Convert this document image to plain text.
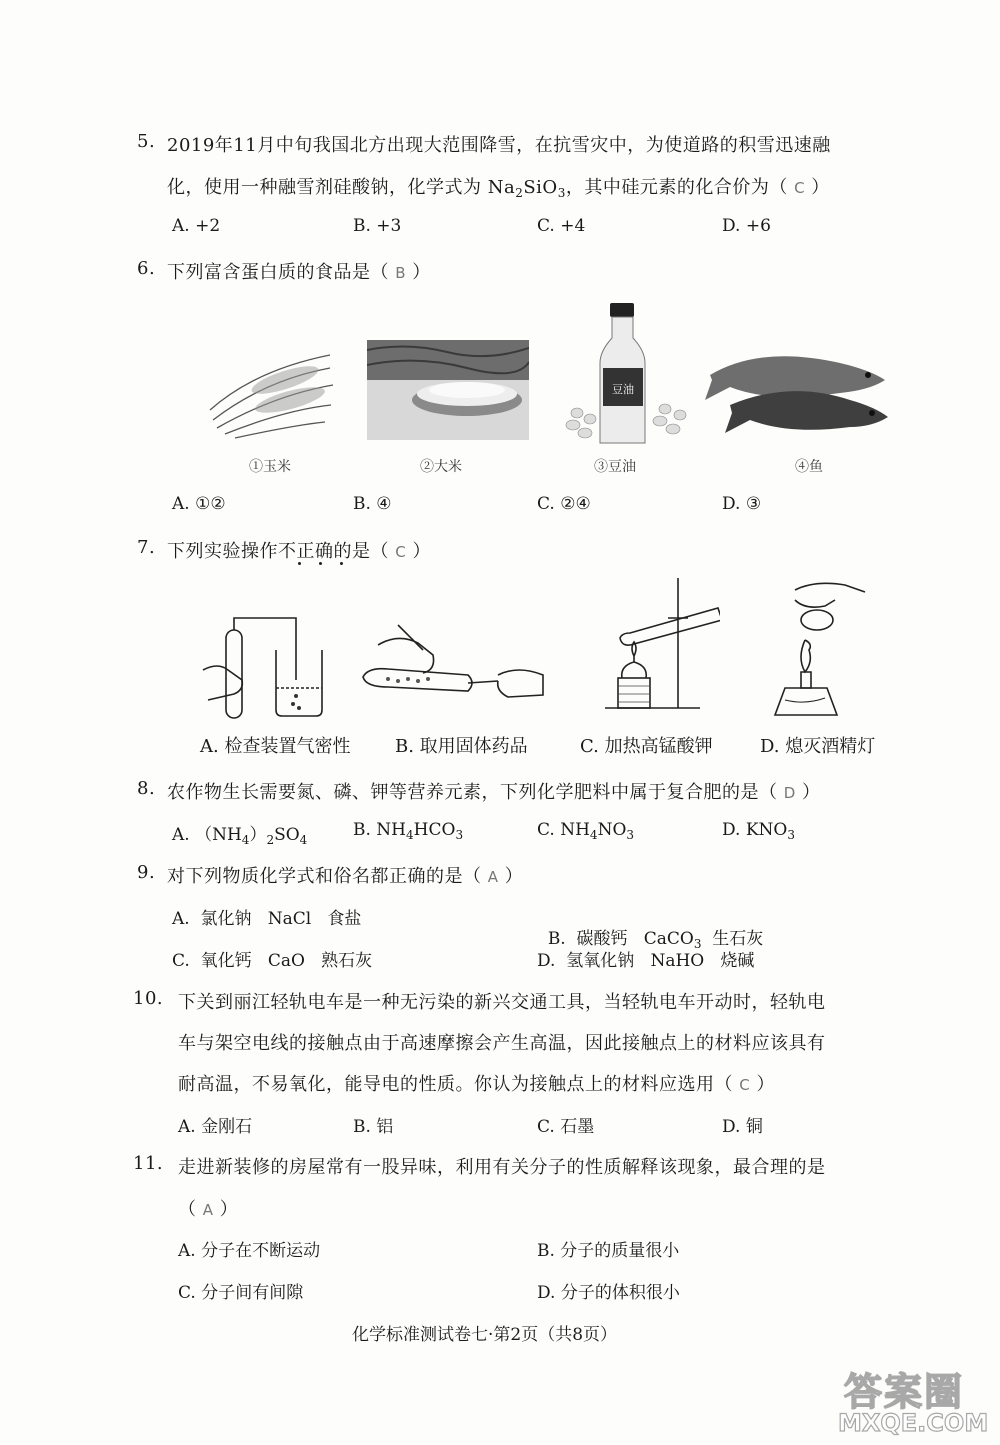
5. 2019年11月中旬我国北方出现大范围降雪，在抗雪灾中，为使道路的积雪迅速融
化，使用一种融雪剂硅酸钠，化学式为 $Na_2SiO_3$，其中硅元素的化合价为（ C ）
A. +2	B. +3	C. +4	D. +6
6. 下列富含蛋白质的食品是（ B ）
豆油
①玉米	②大米	③豆油	④鱼
A. ①②	B. ④	C. ②④	D. ③
7. 下列实验操作不正确的是（ C ）
A. 检查装置气密性 B. 取用固体药品	C. 加热高锰酸钾	D. 熄灭酒精灯
8. 农作物生长需要氮、磷、钾等营养元素，下列化学肥料中属于复合肥的是（ D ）
A. $(NH_4)_2SO_4$	B. $NH_4HCO_3$	C. $NH_4NO_3$	D. $KNO_3$
9. 对下列物质化学式和俗名都正确的是（ A ）
A.  氯化钠   NaCl   食盐

B.  碳酸钙   CaCO$_3$  生石灰

C.  氧化钙   CaO   熟石灰	D.  氢氧化钠   NaHO   烧碱
10. 下关到丽江轻轨电车是一种无污染的新兴交通工具，当轻轨电车开动时，轻轨电
车与架空电线的接触点由于高速摩擦会产生高温，因此接触点上的材料应该具有
耐高温，不易氧化，能导电的性质。你认为接触点上的材料应选用（ C ）
A. 金刚石	B. 铝	C. 石墨	D. 铜
11. 走进新装修的房屋常有一股异味，利用有关分子的性质解释该现象，最合理的是
（ A ）
A. 分子在不断运动	B. 分子的质量很小
C. 分子间有间隙	D. 分子的体积很小
化学标准测试卷七·第2页（共8页）
答案圈
MXQE.COM
